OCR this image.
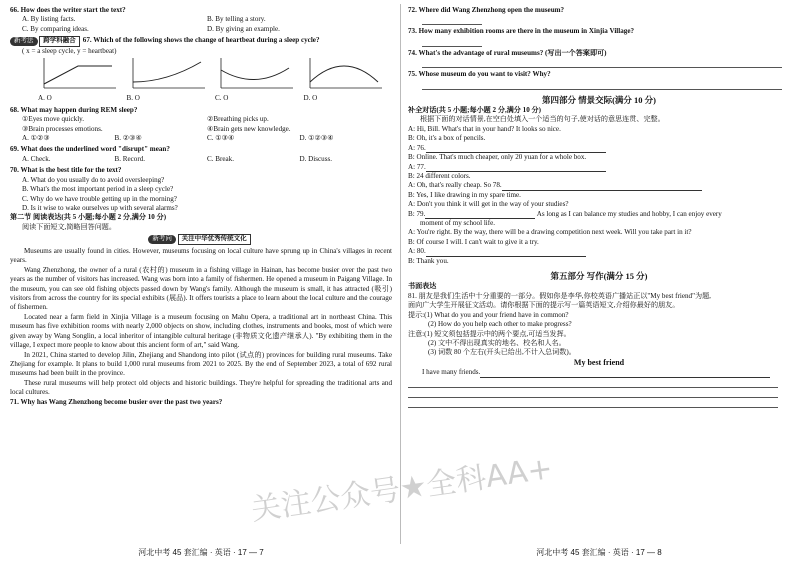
66. How does the writer start the text?

A. By listing facts.	B. By telling a story.
C. By comparing ideas.	D. By giving an example.

新考法 跨学科融合 67. Which of the following shows the change of heartbeat during a sleep cycle?

( x = a sleep cycle, y = heartbeat)

A. O	B. O	C. O	D. O

68. What may happen during REM sleep?

①Eyes move quickly.	②Breathing picks up.
③Brain processes emotions.	④Brain gets new knowledge.
A. ①②③	B. ②③④	C. ①③④	D. ①②③④

69. What does the underlined word "disrupt" mean?

A. Check.	B. Record.	C. Break.	D. Discuss.

70. What is the best title for the text?

A. What do you usually do to avoid oversleeping?

B. What's the most important period in a sleep cycle?

C. Why do we have trouble getting up in the morning?

D. Is it wise to wake ourselves up with several alarms?

第二节 阅读表达(共 5 小题;每小题 2 分,满分 10 分)

阅读下面短文,简略回答问题。

新考向 关注中华优秀传统文化

Museums are usually found in cities. However, museums focusing on local culture have sprung up in China's villages in recent years.

Wang Zhenzhong, the owner of a rural (农村的) museum in a fishing village in Hainan, has become busier over the past two years as the number of visitors has increased. Wang was born into a family of fishermen. He opened a museum in Paigang Village. In the museum, you can see old fishing objects passed down by Wang's family. Although the museum is small, it has attracted (吸引) visitors from across the country for its special exhibits (展品). It offers tourists a place to learn about the local culture and the courage of fishermen.

Located near a farm field in Xinjia Village is a museum focusing on Mahu Opera, a traditional art in northeast China. This museum has five exhibition rooms with nearly 2,000 objects on show, including clothes, instruments and books, most of which were given away by Wang Songlin, a local inheritor of intangible cultural heritage (非物质文化遗产继承人). "By exhibiting them in the village, I expect more people to know about this ancient form of art," said Wang.

In 2021, China started to develop Jilin, Zhejiang and Shandong into pilot (试点的) provinces for building rural museums. Take Zhejiang for example. It plans to build 1,000 rural museums from 2021 to 2025. By the end of September 2023, a total of 692 rural museums had been built in the province.

These rural museums will help protect old objects and historic buildings. They're helpful for spreading the traditional arts and local cultures.

71. Why has Wang Zhenzhong become busier over the past two years?

72. Where did Wang Zhenzhong open the museum?

73. How many exhibition rooms are there in the museum in Xinjia Village?

74. What's the advantage of rural museums? (写出一个答案即可)

75. Whose museum do you want to visit? Why?

第四部分 情景交际(满分 10 分)

补全对话(共 5 小题;每小题 2 分,满分 10 分)

根据下面的对话情景,在空白处填入一个适当的句子,使对话的意思连贯、完整。

A: Hi, Bill. What's that in your hand? It looks so nice.

B: Oh, it's a box of pencils.

A: 76.

B: Online. That's much cheaper, only 20 yuan for a whole box.

A: 77.

B: 24 different colors.

A: Oh, that's really cheap. So 78.

B: Yes, I like drawing in my spare time.

A: Don't you think it will get in the way of your studies?

B: 79.	As long as I can balance my studies and hobby, I can enjoy every

moment of my school life.

A: You're right. By the way, there will be a drawing competition next week. Will you take part in it?

B: Of course I will. I can't wait to give it a try.

A: 80.

B: Thank you.

第五部分 写作(满分 15 分)

书面表达

81. 朋友是我们生活中十分重要的一部分。假如你是李华,你校英语广播站正以"My best friend"为题,

面向广大学生开展征文活动。请你根据下面的提示写一篇英语短文,介绍你最好的朋友。

提示:(1) What do you and your friend have in common?

(2) How do you help each other to make progress?

注意:(1) 短文须包括提示中的两个要点,可适当发挥。

(2) 文中不得出现真实的地名、校名和人名。

(3) 词数 80 个左右(开头已给出,不计入总词数)。

My best friend

I have many friends.

河北中考 45 套汇编 · 英语 · 17 — 7	河北中考 45 套汇编 · 英语 · 17 — 8
关注公众号★全科AA+
